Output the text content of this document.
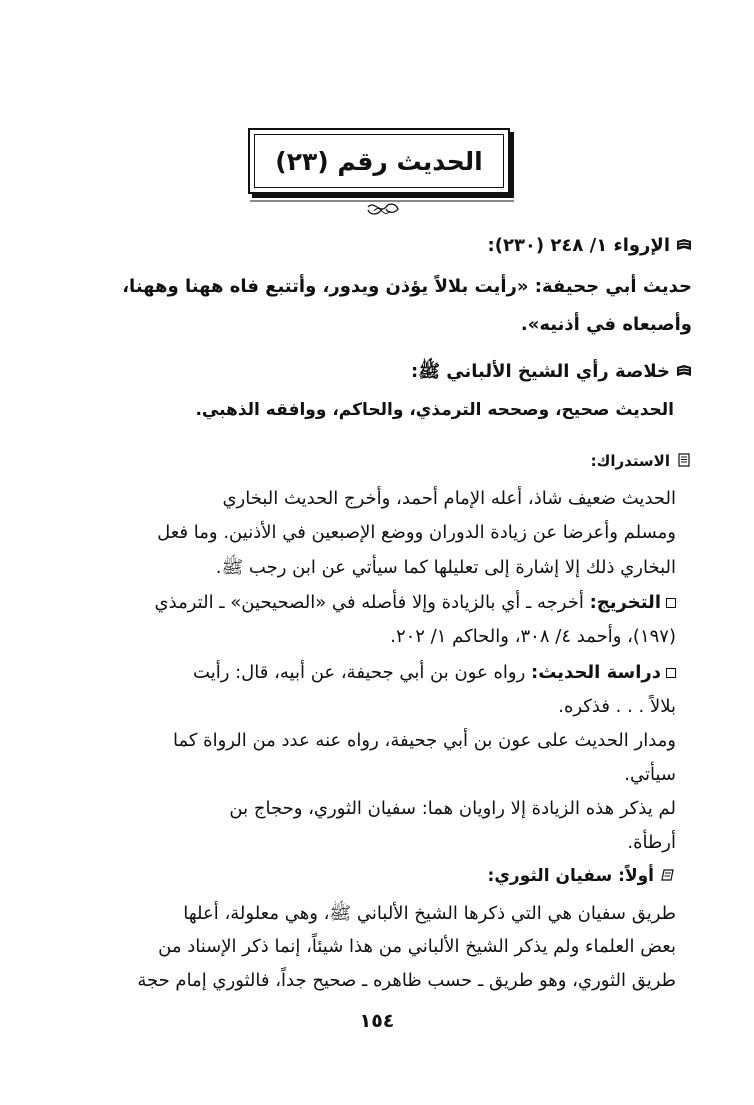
الحديث رقم (٢٣)
الإرواء ١/ ٢٤٨ (٢٣٠):
حديث أبي جحيفة: «رأيت بلالاً يؤذن ويدور، وأتتبع فاه ههنا وههنا،
وأصبعاه في أذنيه».
خلاصة رأي الشيخ الألباني ﷺ:
الحديث صحيح، وصححه الترمذي، والحاكم، ووافقه الذهبي.
الاستدراك:
الحديث ضعيف شاذ، أعله الإمام أحمد، وأخرج الحديث البخاري
ومسلم وأعرضا عن زيادة الدوران ووضع الإصبعين في الأذنين. وما فعل
البخاري ذلك إلا إشارة إلى تعليلها كما سيأتي عن ابن رجب ﷺ.
التخريج: أخرجه ـ أي بالزيادة وإلا فأصله في «الصحيحين» ـ الترمذي
(١٩٧)، وأحمد ٤/ ٣٠٨، والحاكم ١/ ٢٠٢.
دراسة الحديث: رواه عون بن أبي جحيفة، عن أبيه، قال: رأيت
بلالاً . . . فذكره.
ومدار الحديث على عون بن أبي جحيفة، رواه عنه عدد من الرواة كما
سيأتي.
لم يذكر هذه الزيادة إلا راويان هما: سفيان الثوري، وحجاج بن
أرطأة.
أولاً: سفيان الثوري:
طريق سفيان هي التي ذكرها الشيخ الألباني ﷺ، وهي معلولة، أعلها
بعض العلماء ولم يذكر الشيخ الألباني من هذا شيئاً، إنما ذكر الإسناد من
طريق الثوري، وهو طريق ـ حسب ظاهره ـ صحيح جداً، فالثوري إمام حجة
١٥٤
